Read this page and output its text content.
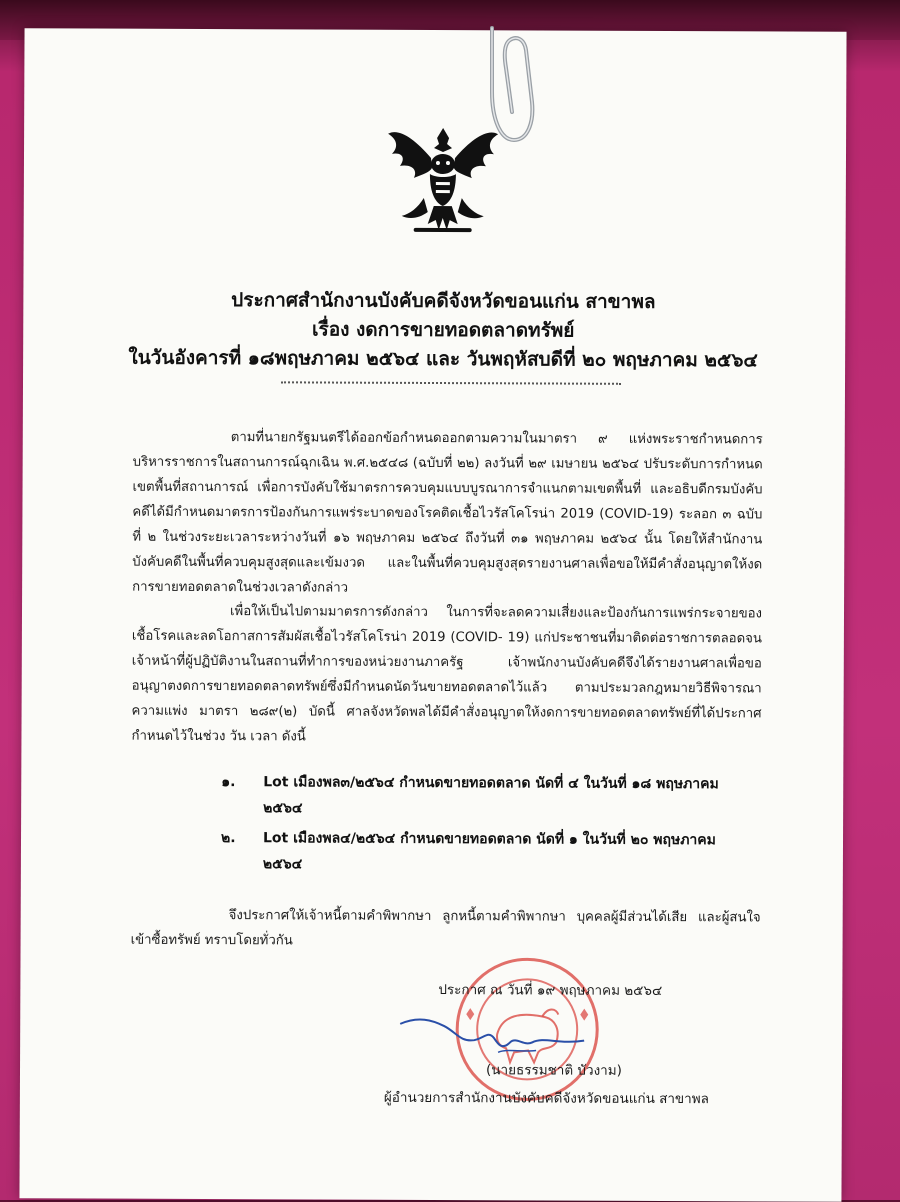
ประกาศสำนักงานบังคับคดีจังหวัดขอนแก่น สาขาพล
เรื่อง งดการขายทอดตลาดทรัพย์
ในวันอังคารที่ ๑๘พฤษภาคม ๒๕๖๔ และ วันพฤหัสบดีที่ ๒๐ พฤษภาคม ๒๕๖๔
ตามที่นายกรัฐมนตรีได้ออกข้อกำหนดออกตามความในมาตรา ๙ แห่งพระราชกำหนดการบริหารราชการในสถานการณ์ฉุกเฉิน พ.ศ.๒๕๔๘ (ฉบับที่ ๒๒) ลงวันที่ ๒๙ เมษายน ๒๕๖๔ ปรับระดับการกำหนดเขตพื้นที่สถานการณ์ เพื่อการบังคับใช้มาตรการควบคุมแบบบูรณาการจำแนกตามเขตพื้นที่ และอธิบดีกรมบังคับคดีได้มีกำหนดมาตรการป้องกันการแพร่ระบาดของโรคติดเชื้อไวรัสโคโรน่า 2019 (COVID-19) ระลอก ๓ ฉบับที่ ๒ ในช่วงระยะเวลาระหว่างวันที่ ๑๖ พฤษภาคม ๒๕๖๔ ถึงวันที่ ๓๑ พฤษภาคม ๒๕๖๔ นั้น โดยให้สำนักงานบังคับคดีในพื้นที่ควบคุมสูงสุดและเข้มงวด และในพื้นที่ควบคุมสูงสุดรายงานศาลเพื่อขอให้มีคำสั่งอนุญาตให้งดการขายทอดตลาดในช่วงเวลาดังกล่าว
เพื่อให้เป็นไปตามมาตรการดังกล่าว ในการที่จะลดความเสี่ยงและป้องกันการแพร่กระจายของเชื้อโรคและลดโอกาสการสัมผัสเชื้อไวรัสโคโรน่า 2019 (COVID- 19) แก่ประชาชนที่มาติดต่อราชการตลอดจนเจ้าหน้าที่ผู้ปฏิบัติงานในสถานที่ทำการของหน่วยงานภาครัฐ เจ้าพนักงานบังคับคดีจึงได้รายงานศาลเพื่อขออนุญาตงดการขายทอดตลาดทรัพย์ซึ่งมีกำหนดนัดวันขายทอดตลาดไว้แล้ว ตามประมวลกฎหมายวิธีพิจารณาความแพ่ง มาตรา ๒๘๙(๒) บัดนี้ ศาลจังหวัดพลได้มีคำสั่งอนุญาตให้งดการขายทอดตลาดทรัพย์ที่ได้ประกาศกำหนดไว้ในช่วง วัน เวลา ดังนี้
๑. Lot เมืองพล๓/๒๕๖๔ กำหนดขายทอดตลาด นัดที่ ๔ ในวันที่ ๑๘ พฤษภาคม
๒๕๖๔
๒. Lot เมืองพล๔/๒๕๖๔ กำหนดขายทอดตลาด นัดที่ ๑ ในวันที่ ๒๐ พฤษภาคม
๒๕๖๔
จึงประกาศให้เจ้าหนี้ตามคำพิพากษา ลูกหนี้ตามคำพิพากษา บุคคลผู้มีส่วนได้เสีย และผู้สนใจเข้าซื้อทรัพย์ ทราบโดยทั่วกัน
ประกาศ ณ วันที่ ๑๙ พฤษภาคม ๒๕๖๔
(นายธรรมชาติ บัวงาม)
ผู้อำนวยการสำนักงานบังคับคดีจังหวัดขอนแก่น สาขาพล
